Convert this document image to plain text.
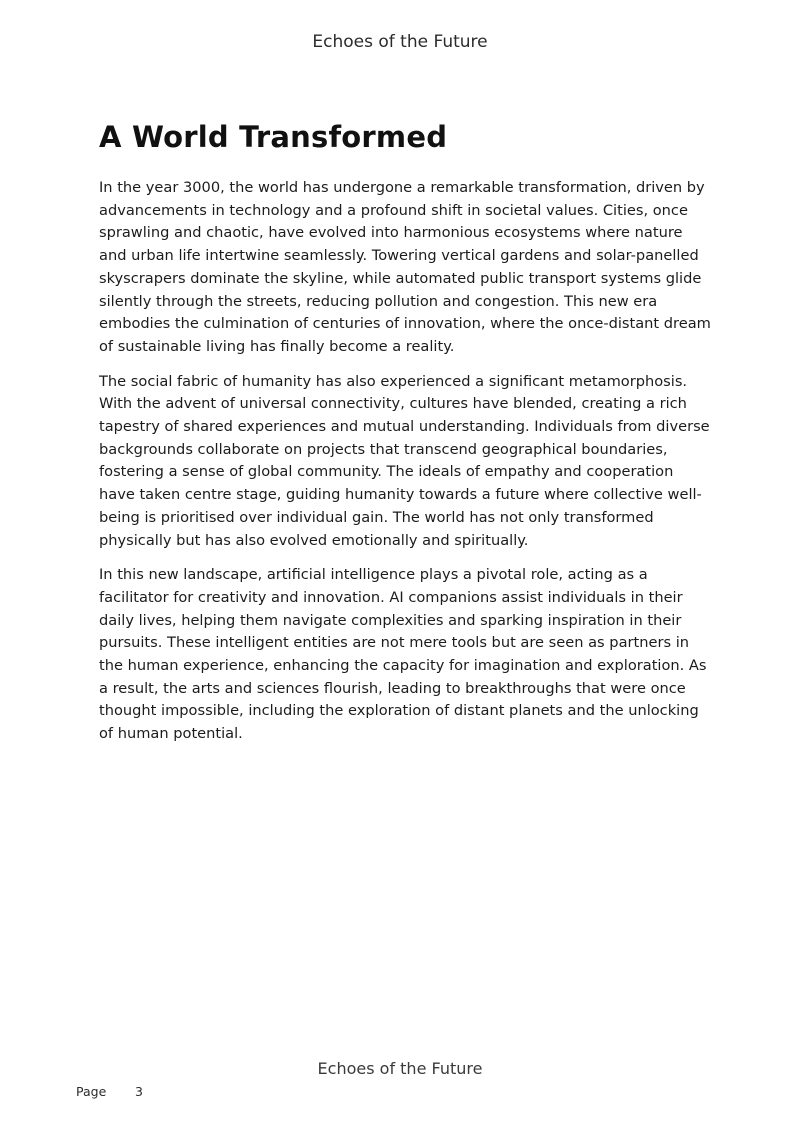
Echoes of the Future
A World Transformed

In the year 3000, the world has undergone a remarkable transformation, driven by advancements in technology and a profound shift in societal values. Cities, once sprawling and chaotic, have evolved into harmonious ecosystems where nature and urban life intertwine seamlessly. Towering vertical gardens and solar-panelled skyscrapers dominate the skyline, while automated public transport systems glide silently through the streets, reducing pollution and congestion. This new era embodies the culmination of centuries of innovation, where the once-distant dream of sustainable living has finally become a reality.

The social fabric of humanity has also experienced a significant metamorphosis. With the advent of universal connectivity, cultures have blended, creating a rich tapestry of shared experiences and mutual understanding. Individuals from diverse backgrounds collaborate on projects that transcend geographical boundaries, fostering a sense of global community. The ideals of empathy and cooperation have taken centre stage, guiding humanity towards a future where collective well-being is prioritised over individual gain. The world has not only transformed physically but has also evolved emotionally and spiritually.

In this new landscape, artificial intelligence plays a pivotal role, acting as a facilitator for creativity and innovation. AI companions assist individuals in their daily lives, helping them navigate complexities and sparking inspiration in their pursuits. These intelligent entities are not mere tools but are seen as partners in the human experience, enhancing the capacity for imagination and exploration. As a result, the arts and sciences flourish, leading to breakthroughs that were once thought impossible, including the exploration of distant planets and the unlocking of human potential.

Echoes of the Future
Page 3
